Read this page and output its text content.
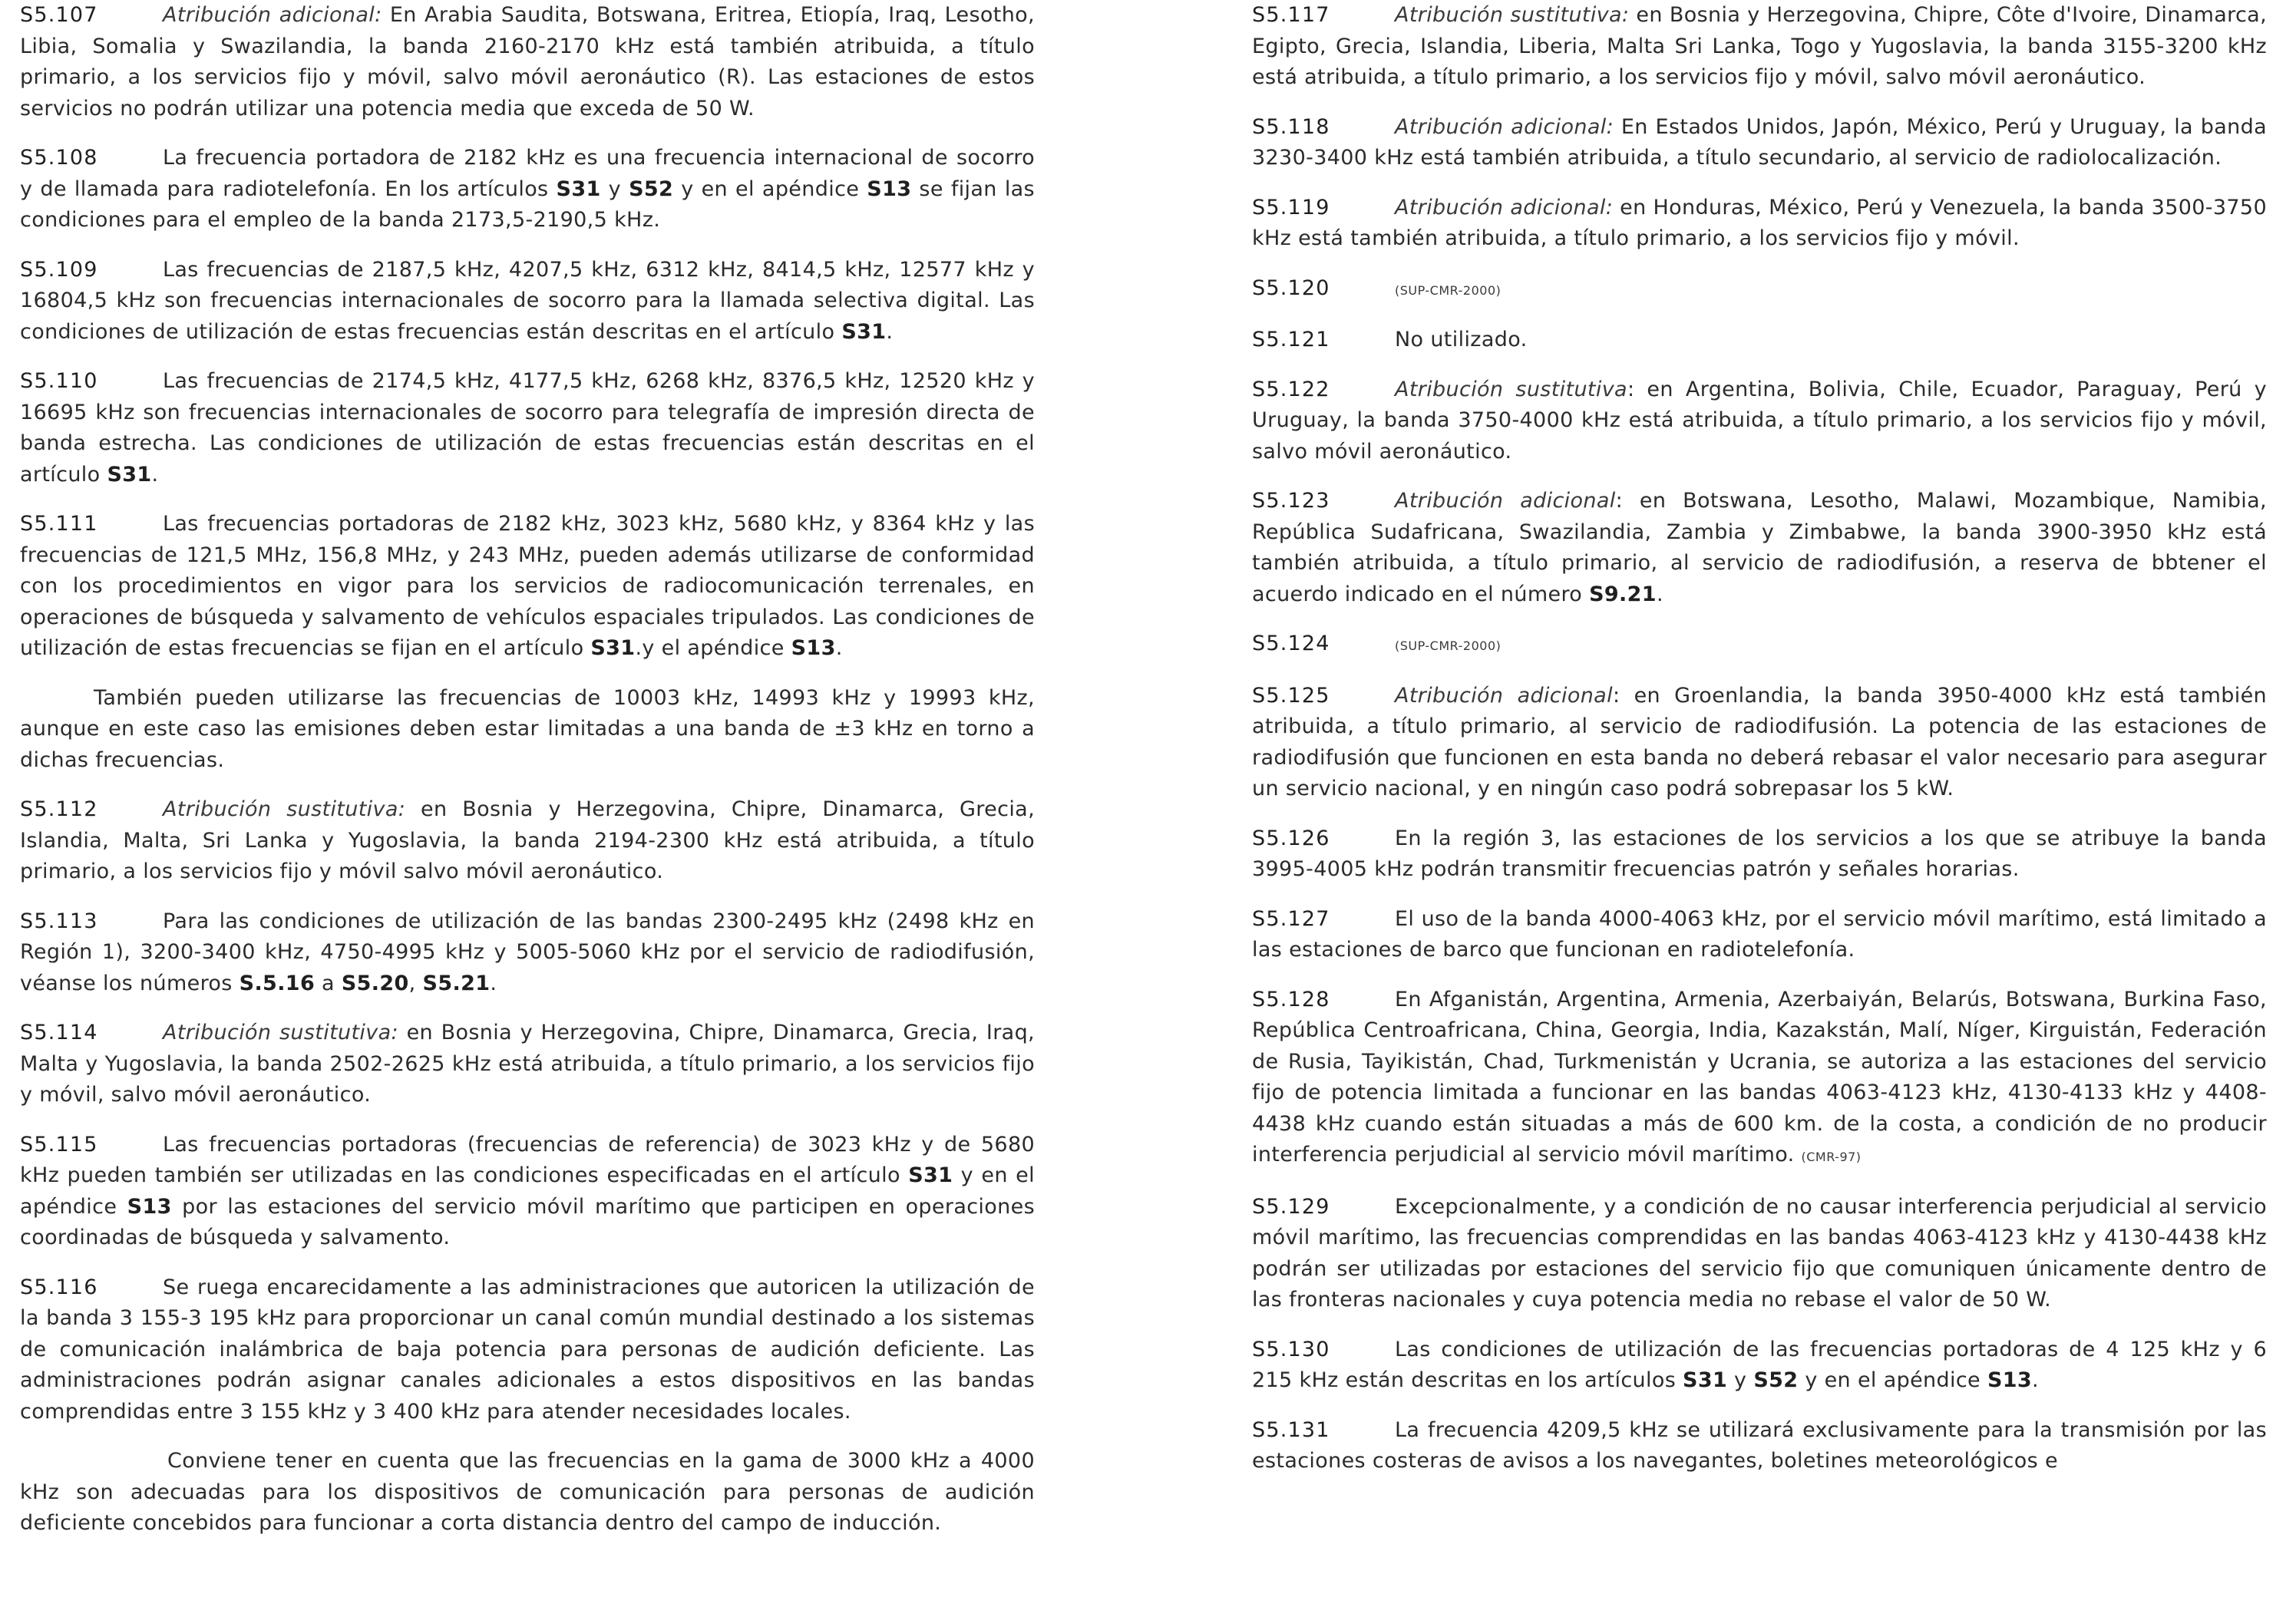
S5.107	Atribución adicional: En Arabia Saudita, Botswana, Eritrea, Etiopía, Iraq, Lesotho, Libia, Somalia y Swazilandia, la banda 2160-2170 kHz está también atribuida, a título primario, a los servicios fijo y móvil, salvo móvil aeronáutico (R). Las estaciones de estos servicios no podrán utilizar una potencia media que exceda de 50 W.

S5.108	La frecuencia portadora de 2182 kHz es una frecuencia internacional de socorro y de llamada para radiotelefonía. En los artículos S31 y S52 y en el apéndice S13 se fijan las condiciones para el empleo de la banda 2173,5-2190,5 kHz.

S5.109	Las frecuencias de 2187,5 kHz, 4207,5 kHz, 6312 kHz, 8414,5 kHz, 12577 kHz y 16804,5 kHz son frecuencias internacionales de socorro para la llamada selectiva digital. Las condiciones de utilización de estas frecuencias están descritas en el artículo S31.

S5.110	Las frecuencias de 2174,5 kHz, 4177,5 kHz, 6268 kHz, 8376,5 kHz, 12520 kHz y 16695 kHz son frecuencias internacionales de socorro para telegrafía de impresión directa de banda estrecha. Las condiciones de utilización de estas frecuencias están descritas en el artículo S31.

S5.111	Las frecuencias portadoras de 2182 kHz, 3023 kHz, 5680 kHz, y 8364 kHz y las frecuencias de 121,5 MHz, 156,8 MHz, y 243 MHz, pueden además utilizarse de conformidad con los procedimientos en vigor para los servicios de radiocomunicación terrenales, en operaciones de búsqueda y salvamento de vehículos espaciales tripulados. Las condiciones de utilización de estas frecuencias se fijan en el artículo S31.y el apéndice S13.

También pueden utilizarse las frecuencias de 10003 kHz, 14993 kHz y 19993 kHz, aunque en este caso las emisiones deben estar limitadas a una banda de ±3 kHz en torno a dichas frecuencias.

S5.112	Atribución sustitutiva: en Bosnia y Herzegovina, Chipre, Dinamarca, Grecia, Islandia, Malta, Sri Lanka y Yugoslavia, la banda 2194-2300 kHz está atribuida, a título primario, a los servicios fijo y móvil salvo móvil aeronáutico.

S5.113	Para las condiciones de utilización de las bandas 2300-2495 kHz (2498 kHz en Región 1), 3200-3400 kHz, 4750-4995 kHz y 5005-5060 kHz por el servicio de radiodifusión, véanse los números S.5.16 a S5.20, S5.21.

S5.114	Atribución sustitutiva: en Bosnia y Herzegovina, Chipre, Dinamarca, Grecia, Iraq, Malta y Yugoslavia, la banda 2502-2625 kHz está atribuida, a título primario, a los servicios fijo y móvil, salvo móvil aeronáutico.

S5.115	Las frecuencias portadoras (frecuencias de referencia) de 3023 kHz y de 5680 kHz pueden también ser utilizadas en las condiciones especificadas en el artículo S31 y en el apéndice S13 por las estaciones del servicio móvil marítimo que participen en operaciones coordinadas de búsqueda y salvamento.

S5.116	Se ruega encarecidamente a las administraciones que autoricen la utilización de la banda 3 155-3 195 kHz para proporcionar un canal común mundial destinado a los sistemas de comunicación inalámbrica de baja potencia para personas de audición deficiente. Las administraciones podrán asignar canales adicionales a estos dispositivos en las bandas comprendidas entre 3 155 kHz y 3 400 kHz para atender necesidades locales.

Conviene tener en cuenta que las frecuencias en la gama de 3000 kHz a 4000 kHz son adecuadas para los dispositivos de comunicación para personas de audición deficiente concebidos para funcionar a corta distancia dentro del campo de inducción.

S5.117	Atribución sustitutiva: en Bosnia y Herzegovina, Chipre, Côte d'Ivoire, Dinamarca, Egipto, Grecia, Islandia, Liberia, Malta Sri Lanka, Togo y Yugoslavia, la banda 3155-3200 kHz está atribuida, a título primario, a los servicios fijo y móvil, salvo móvil aeronáutico.

S5.118	Atribución adicional: En Estados Unidos, Japón, México, Perú y Uruguay, la banda 3230-3400 kHz está también atribuida, a título secundario, al servicio de radiolocalización.

S5.119	Atribución adicional: en Honduras, México, Perú y Venezuela, la banda 3500-3750 kHz está también atribuida, a título primario, a los servicios fijo y móvil.

S5.120	(SUP-CMR-2000)

S5.121	No utilizado.

S5.122	Atribución sustitutiva: en Argentina, Bolivia, Chile, Ecuador, Paraguay, Perú y Uruguay, la banda 3750-4000 kHz está atribuida, a título primario, a los servicios fijo y móvil, salvo móvil aeronáutico.

S5.123	Atribución adicional: en Botswana, Lesotho, Malawi, Mozambique, Namibia, República Sudafricana, Swazilandia, Zambia y Zimbabwe, la banda 3900-3950 kHz está también atribuida, a título primario, al servicio de radiodifusión, a reserva de bbtener el acuerdo indicado en el número S9.21.

S5.124	(SUP-CMR-2000)

S5.125	Atribución adicional: en Groenlandia, la banda 3950-4000 kHz está también atribuida, a título primario, al servicio de radiodifusión. La potencia de las estaciones de radiodifusión que funcionen en esta banda no deberá rebasar el valor necesario para asegurar un servicio nacional, y en ningún caso podrá sobrepasar los 5 kW.

S5.126	En la región 3, las estaciones de los servicios a los que se atribuye la banda 3995-4005 kHz podrán transmitir frecuencias patrón y señales horarias.

S5.127	El uso de la banda 4000-4063 kHz, por el servicio móvil marítimo, está limitado a las estaciones de barco que funcionan en radiotelefonía.

S5.128	En Afganistán, Argentina, Armenia, Azerbaiyán, Belarús, Botswana, Burkina Faso, República Centroafricana, China, Georgia, India, Kazakstán, Malí, Níger, Kirguistán, Federación de Rusia, Tayikistán, Chad, Turkmenistán y Ucrania, se autoriza a las estaciones del servicio fijo de potencia limitada a funcionar en las bandas 4063-4123 kHz, 4130-4133 kHz y 4408-4438 kHz cuando están situadas a más de 600 km. de la costa, a condición de no producir interferencia perjudicial al servicio móvil marítimo. (CMR-97)

S5.129	Excepcionalmente, y a condición de no causar interferencia perjudicial al servicio móvil marítimo, las frecuencias comprendidas en las bandas 4063-4123 kHz y 4130-4438 kHz podrán ser utilizadas por estaciones del servicio fijo que comuniquen únicamente dentro de las fronteras nacionales y cuya potencia media no rebase el valor de 50 W.

S5.130	Las condiciones de utilización de las frecuencias portadoras de 4 125 kHz y 6 215 kHz están descritas en los artículos S31 y S52 y en el apéndice S13.

S5.131	La frecuencia 4209,5 kHz se utilizará exclusivamente para la transmisión por las estaciones costeras de avisos a los navegantes, boletines meteorológicos e
